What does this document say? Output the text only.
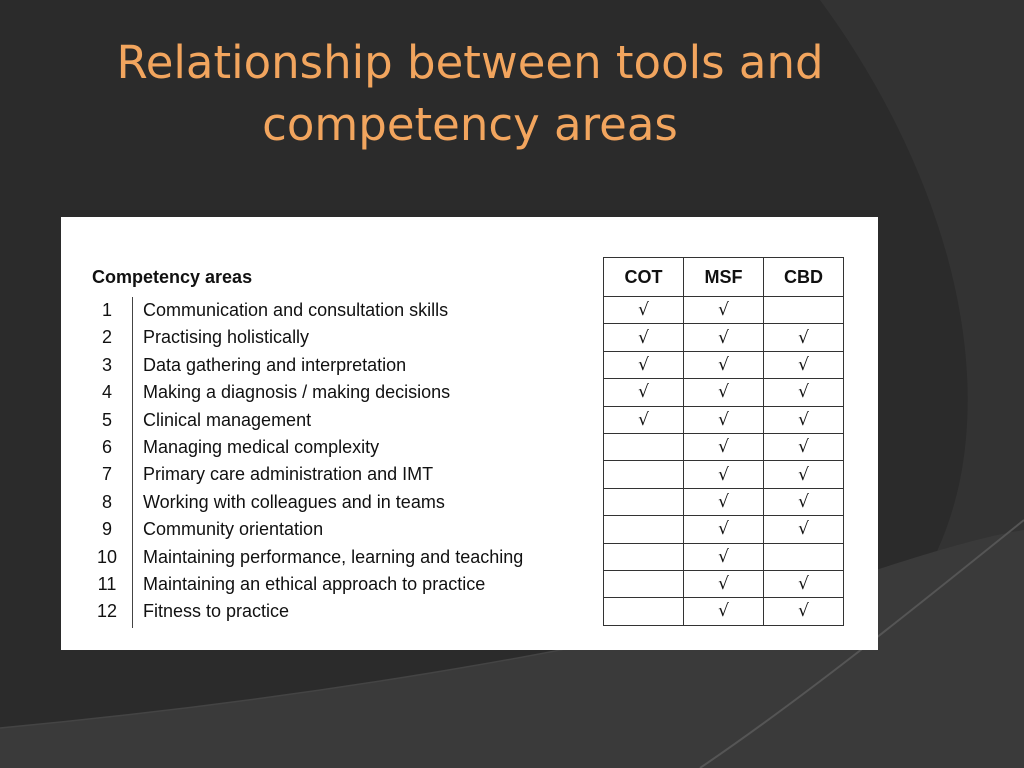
Relationship between tools and
competency areas
Competency areas
1	Communication and consultation skills
2	Practising holistically
3	Data gathering and interpretation
4	Making a diagnosis / making decisions
5	Clinical management
6	Managing medical complexity
7	Primary care administration and IMT
8	Working with colleagues and in teams
9	Community orientation
10	Maintaining performance, learning and teaching
11	Maintaining an ethical approach to practice
12	Fitness to practice
COT	MSF	CBD
√	√	
√	√	√
√	√	√
√	√	√
√	√	√
	√	√
	√	√
	√	√
	√	√
	√	
	√	√
	√	√
